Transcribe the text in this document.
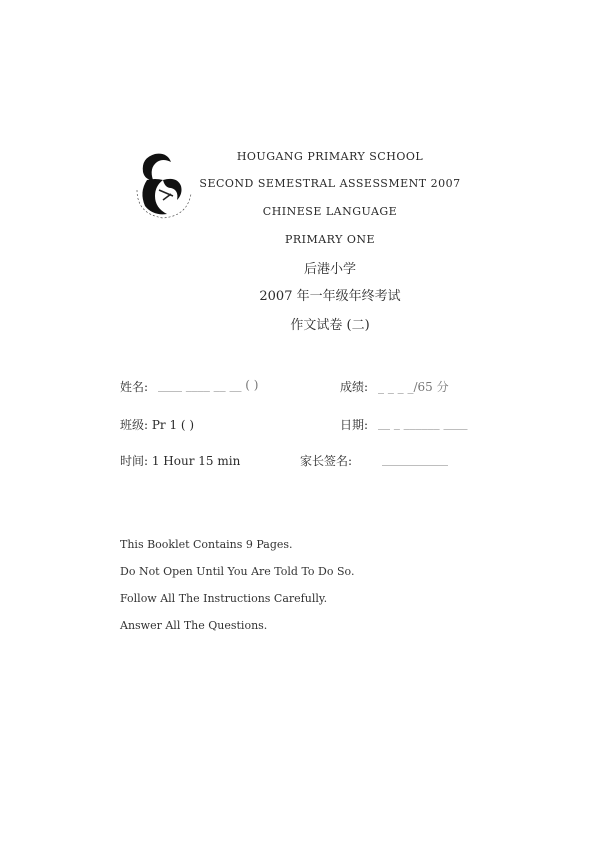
HOUGANG PRIMARY SCHOOL
SECOND SEMESTRAL ASSESSMENT 2007
CHINESE LANGUAGE
PRIMARY ONE
后港小学
2007 年一年级年终考试
作文试卷 (二)
姓名: ____ ____ __ __ ( )	成绩: _ _ _ _/65 分
班级: Pr 1 ( )	日期: __ _ ______ ____
时间: 1 Hour 15 min	家长签名: ___________
This Booklet Contains 9 Pages.
Do Not Open Until You Are Told To Do So.
Follow All The Instructions Carefully.
Answer All The Questions.
